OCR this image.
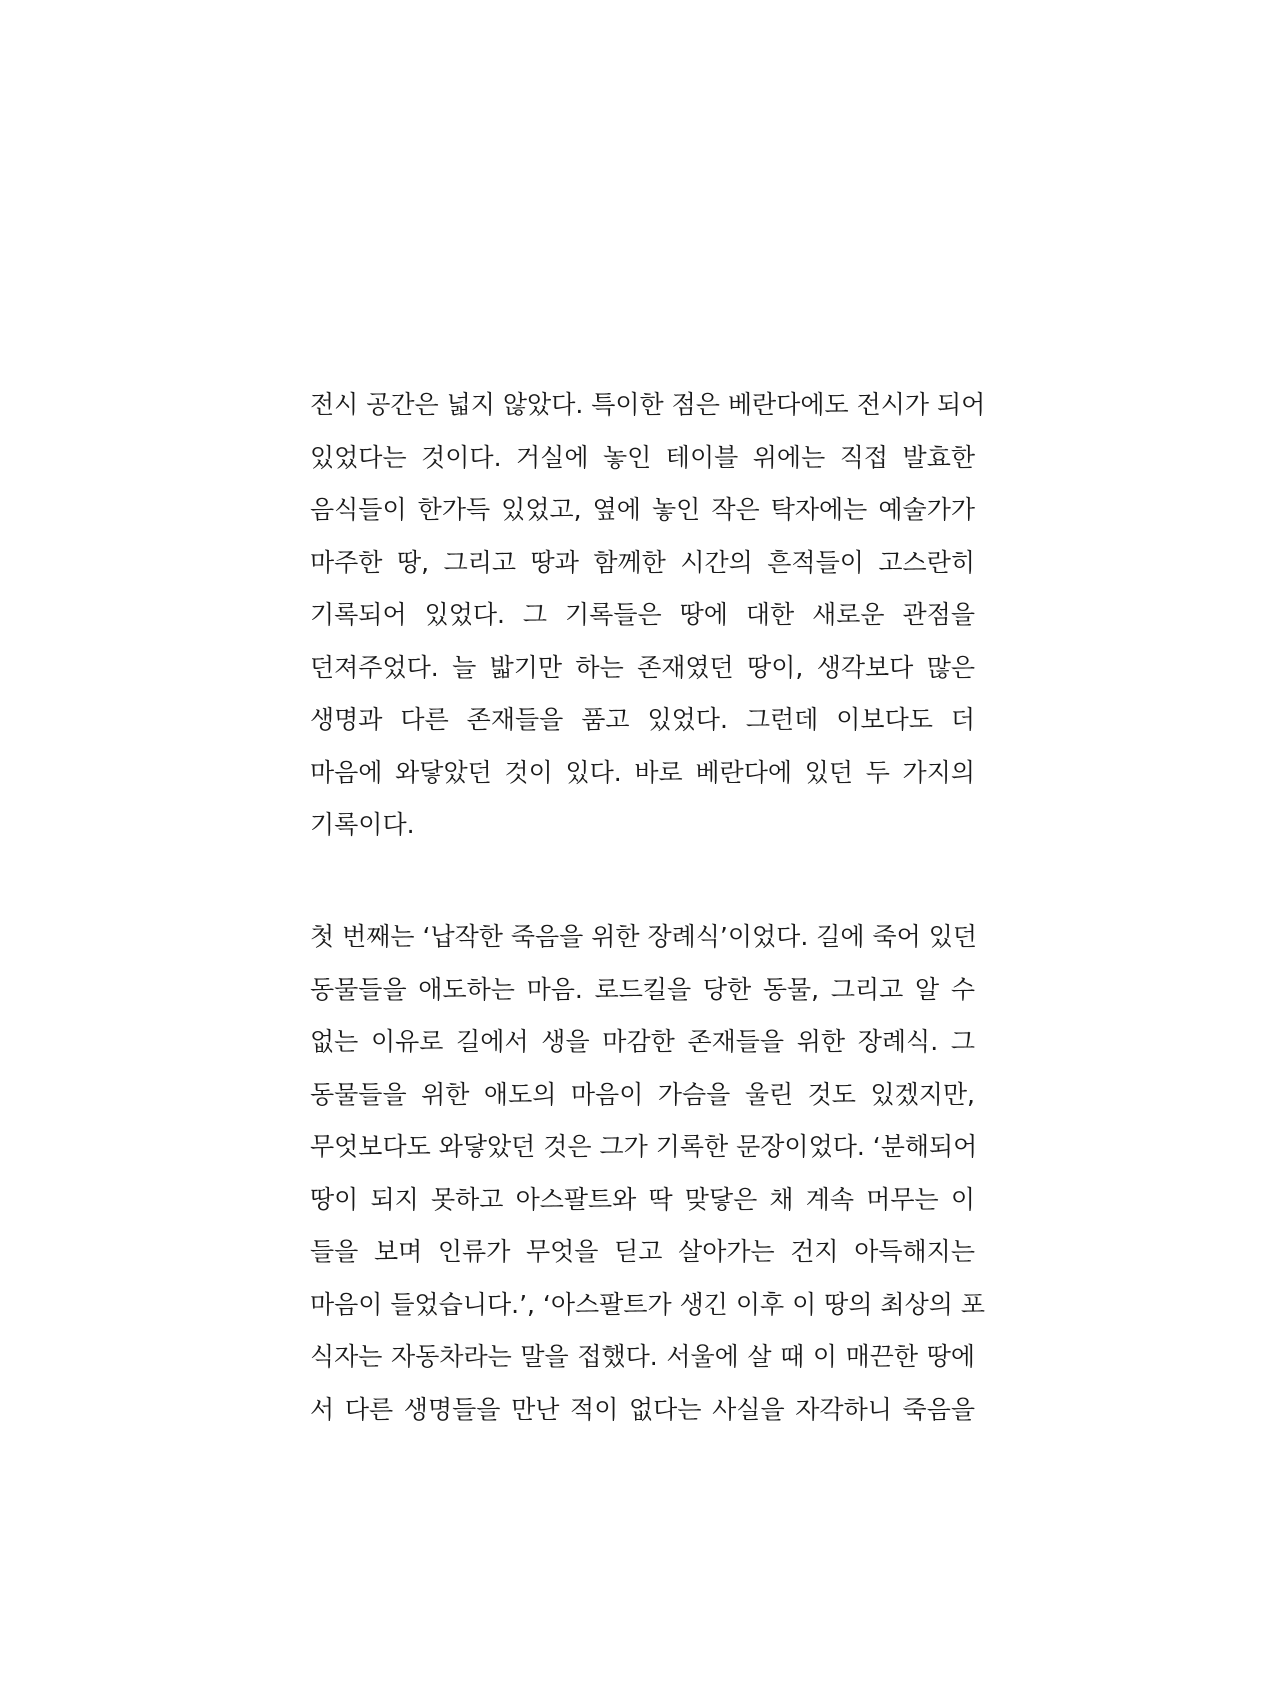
전시 공간은 넓지 않았다. 특이한 점은 베란다에도 전시가 되어
있었다는 것이다. 거실에 놓인 테이블 위에는 직접 발효한
음식들이 한가득 있었고, 옆에 놓인 작은 탁자에는 예술가가
마주한 땅, 그리고 땅과 함께한 시간의 흔적들이 고스란히
기록되어 있었다. 그 기록들은 땅에 대한 새로운 관점을
던져주었다. 늘 밟기만 하는 존재였던 땅이, 생각보다 많은
생명과 다른 존재들을 품고 있었다. 그런데 이보다도 더
마음에 와닿았던 것이 있다. 바로 베란다에 있던 두 가지의
기록이다.
첫 번째는 ‘납작한 죽음을 위한 장례식’이었다. 길에 죽어 있던
동물들을 애도하는 마음. 로드킬을 당한 동물, 그리고 알 수
없는 이유로 길에서 생을 마감한 존재들을 위한 장례식. 그
동물들을 위한 애도의 마음이 가슴을 울린 것도 있겠지만,
무엇보다도 와닿았던 것은 그가 기록한 문장이었다. ‘분해되어
땅이 되지 못하고 아스팔트와 딱 맞닿은 채 계속 머무는 이
들을 보며 인류가 무엇을 딛고 살아가는 건지 아득해지는
마음이 들었습니다.’, ‘아스팔트가 생긴 이후 이 땅의 최상의 포
식자는 자동차라는 말을 접했다. 서울에 살 때 이 매끈한 땅에
서 다른 생명들을 만난 적이 없다는 사실을 자각하니 죽음을
